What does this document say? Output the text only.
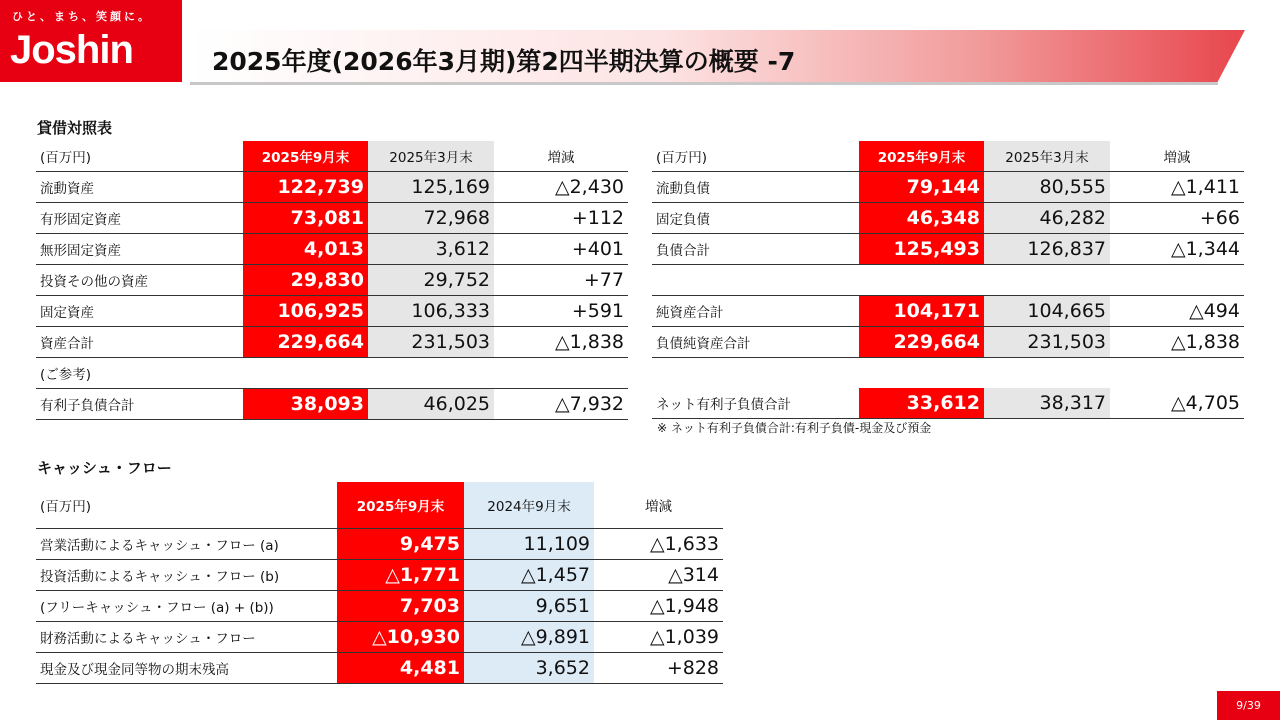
ひと、まち、笑顔に。
Joshin	2025年度(2026年3月期)第2四半期決算の概要 -7
貸借対照表
(百万円)	2025年9月末	2025年3月末	増減
流動資産	122,739	125,169	△2,430
有形固定資産	73,081	72,968	+112
無形固定資産	4,013	3,612	+401
投資その他の資産	29,830	29,752	+77
固定資産	106,925	106,333	+591
資産合計	229,664	231,503	△1,838
(ご参考)			
有利子負債合計	38,093	46,025	△7,932
(百万円)	2025年9月末	2025年3月末	増減
流動負債	79,144	80,555	△1,411
固定負債	46,348	46,282	+66
負債合計	125,493	126,837	△1,344

純資産合計	104,171	104,665	△494
負債純資産合計	229,664	231,503	△1,838

ネット有利子負債合計	33,612	38,317	△4,705
※ ネット有利子負債合計:有利子負債-現金及び預金
キャッシュ・フロー
(百万円)	2025年9月末	2024年9月末	増減
営業活動によるキャッシュ・フロー (a)	9,475	11,109	△1,633
投資活動によるキャッシュ・フロー (b)	△1,771	△1,457	△314
(フリーキャッシュ・フロー (a) + (b))	7,703	9,651	△1,948
財務活動によるキャッシュ・フロー	△10,930	△9,891	△1,039
現金及び現金同等物の期末残高	4,481	3,652	+828
9/39
